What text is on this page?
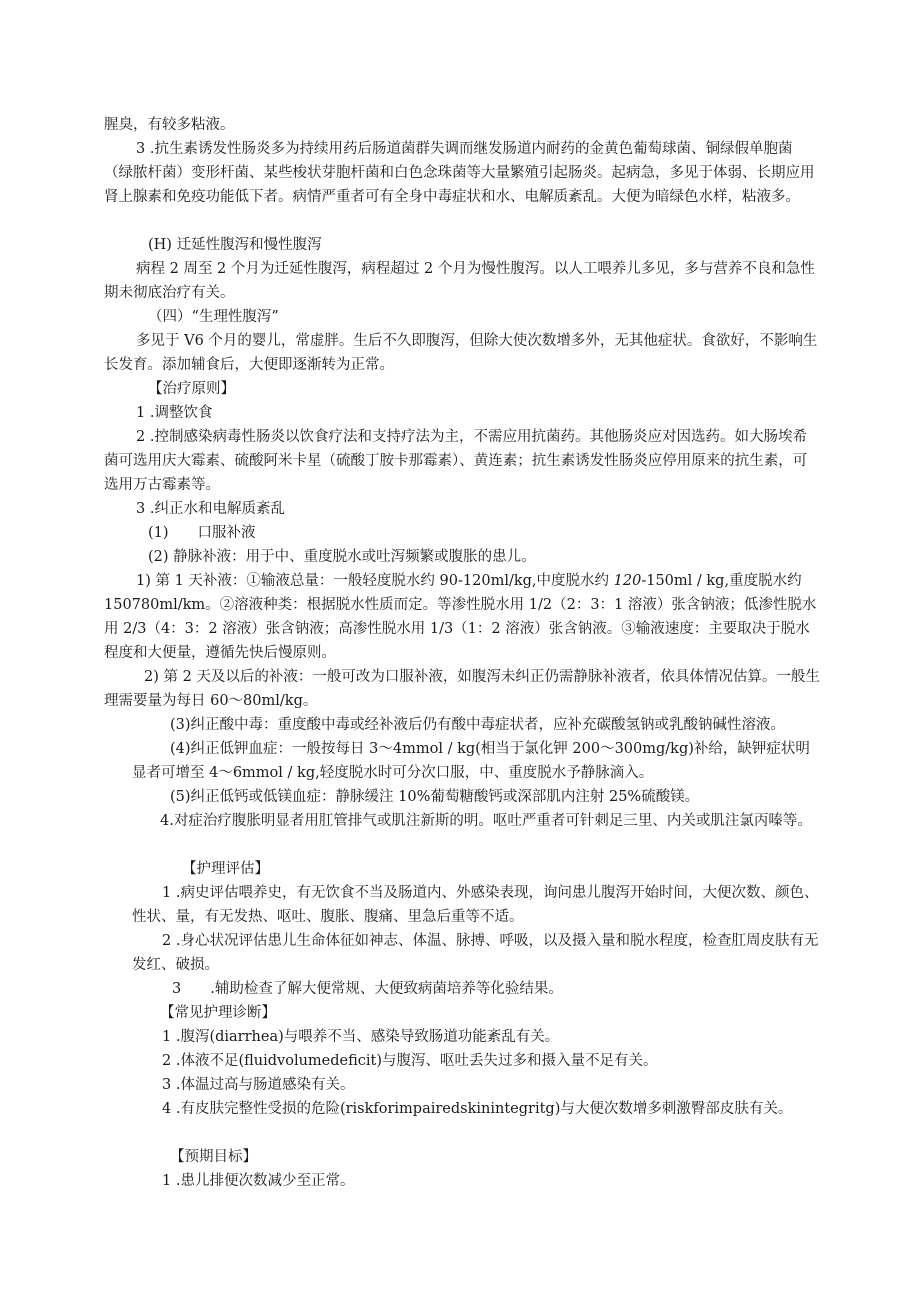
腥臭，有较多粘液。

3 .抗生素诱发性肠炎多为持续用药后肠道菌群失调而继发肠道内耐药的金黄色葡萄球菌、铜绿假单胞菌（绿脓杆菌）变形杆菌、某些梭状芽胞杆菌和白色念珠菌等大量繁殖引起肠炎。起病急，多见于体弱、长期应用肾上腺素和免疫功能低下者。病情严重者可有全身中毒症状和水、电解质紊乱。大便为暗绿色水样，粘液多。

(H) 迁延性腹泻和慢性腹泻

病程 2 周至 2 个月为迁延性腹泻，病程超过 2 个月为慢性腹泻。以人工喂养儿多见，多与营养不良和急性期未彻底治疗有关。

（四）“生理性腹泻”

多见于 V6 个月的婴儿，常虚胖。生后不久即腹泻，但除大使次数增多外，无其他症状。食欲好，不影响生长发育。添加辅食后，大便即逐渐转为正常。

【治疗原则】

1 .调整饮食

2 .控制感染病毒性肠炎以饮食疗法和支持疗法为主，不需应用抗菌药。其他肠炎应对因选药。如大肠埃希菌可选用庆大霉素、硫酸阿米卡星（硫酸丁胺卡那霉素）、黄连素；抗生素诱发性肠炎应停用原来的抗生素，可选用万古霉素等。

3 .纠正水和电解质紊乱

(1)　　口服补液

(2) 静脉补液：用于中、重度脱水或吐泻频繁或腹胀的患儿。

1) 第 1 天补液：①输液总量：一般轻度脱水约 90-120ml/kg,中度脱水约 120-150ml / kg,重度脱水约 150780ml/km。②溶液种类：根据脱水性质而定。等渗性脱水用 1/2（2：3：1 溶液）张含钠液；低渗性脱水用 2/3（4：3：2 溶液）张含钠液；高渗性脱水用 1/3（1：2 溶液）张含钠液。③输液速度：主要取决于脱水程度和大便量，遵循先快后慢原则。

2) 第 2 天及以后的补液：一般可改为口服补液，如腹泻未纠正仍需静脉补液者，依具体情况估算。一般生理需要量为每日 60～80ml/kg。

(3)纠正酸中毒：重度酸中毒或经补液后仍有酸中毒症状者，应补充碳酸氢钠或乳酸钠碱性溶液。

(4)纠正低钾血症：一般按每日 3～4mmol / kg(相当于氯化钾 200～300mg/kg)补给，缺钾症状明显者可增至 4～6mmol / kg,轻度脱水时可分次口服，中、重度脱水予静脉滴入。

(5)纠正低钙或低镁血症：静脉缓注 10%葡萄糖酸钙或深部肌内注射 25%硫酸镁。

4.对症治疗腹胀明显者用肛管排气或肌注新斯的明。呕吐严重者可针刺足三里、内关或肌注氯丙嗪等。

【护理评估】

1 .病史评估喂养史，有无饮食不当及肠道内、外感染表现，询问患儿腹泻开始时间，大便次数、颜色、性状、量，有无发热、呕吐、腹胀、腹痛、里急后重等不适。

2 .身心状况评估患儿生命体征如神志、体温、脉搏、呼吸，以及摄入量和脱水程度，检查肛周皮肤有无发红、破损。

3　　.辅助检查了解大便常规、大便致病菌培养等化验结果。

【常见护理诊断】

1 .腹泻(diarrhea)与喂养不当、感染导致肠道功能紊乱有关。

2 .体液不足(fluidvolumedeficit)与腹泻、呕吐丢失过多和摄入量不足有关。

3 .体温过高与肠道感染有关。

4 .有皮肤完整性受损的危险(riskforimpairedskinintegritg)与大便次数增多刺激臀部皮肤有关。

【预期目标】

1 .患儿排便次数减少至正常。
